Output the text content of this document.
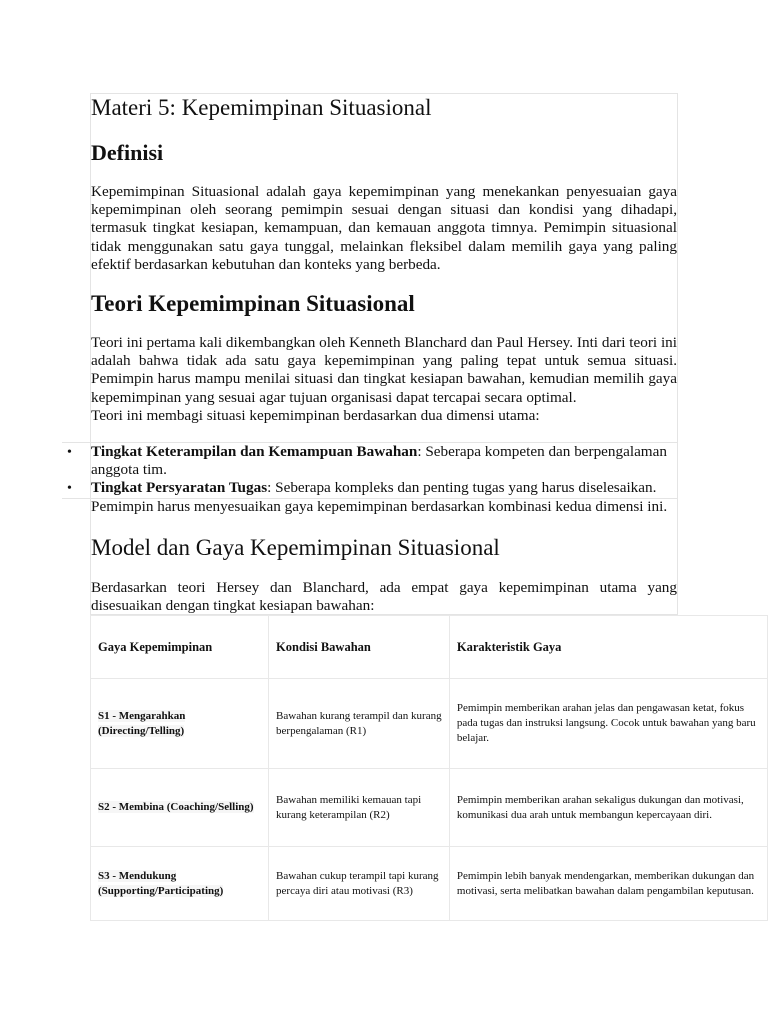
Materi 5: Kepemimpinan Situasional
Definisi

Kepemimpinan Situasional adalah gaya kepemimpinan yang menekankan penyesuaian gaya kepemimpinan oleh seorang pemimpin sesuai dengan situasi dan kondisi yang dihadapi, termasuk tingkat kesiapan, kemampuan, dan kemauan anggota timnya. Pemimpin situasional tidak menggunakan satu gaya tunggal, melainkan fleksibel dalam memilih gaya yang paling efektif berdasarkan kebutuhan dan konteks yang berbeda.

Teori Kepemimpinan Situasional

Teori ini pertama kali dikembangkan oleh Kenneth Blanchard dan Paul Hersey. Inti dari teori ini adalah bahwa tidak ada satu gaya kepemimpinan yang paling tepat untuk semua situasi. Pemimpin harus mampu menilai situasi dan tingkat kesiapan bawahan, kemudian memilih gaya kepemimpinan yang sesuai agar tujuan organisasi dapat tercapai secara optimal.

Teori ini membagi situasi kepemimpinan berdasarkan dua dimensi utama:

• Tingkat Keterampilan dan Kemampuan Bawahan: Seberapa kompeten dan berpengalaman anggota tim.

• Tingkat Persyaratan Tugas: Seberapa kompleks dan penting tugas yang harus diselesaikan.

Pemimpin harus menyesuaikan gaya kepemimpinan berdasarkan kombinasi kedua dimensi ini.

Model dan Gaya Kepemimpinan Situasional

Berdasarkan teori Hersey dan Blanchard, ada empat gaya kepemimpinan utama yang disesuaikan dengan tingkat kesiapan bawahan:

Gaya Kepemimpinan	Kondisi Bawahan	Karakteristik Gaya
S1 - Mengarahkan (Directing/Telling)	Bawahan kurang terampil dan kurang berpengalaman (R1)	Pemimpin memberikan arahan jelas dan pengawasan ketat, fokus pada tugas dan instruksi langsung. Cocok untuk bawahan yang baru belajar.
S2 - Membina (Coaching/Selling)	Bawahan memiliki kemauan tapi kurang keterampilan (R2)	Pemimpin memberikan arahan sekaligus dukungan dan motivasi, komunikasi dua arah untuk membangun kepercayaan diri.
S3 - Mendukung (Supporting/Participating)	Bawahan cukup terampil tapi kurang percaya diri atau motivasi (R3)	Pemimpin lebih banyak mendengarkan, memberikan dukungan dan motivasi, serta melibatkan bawahan dalam pengambilan keputusan.
